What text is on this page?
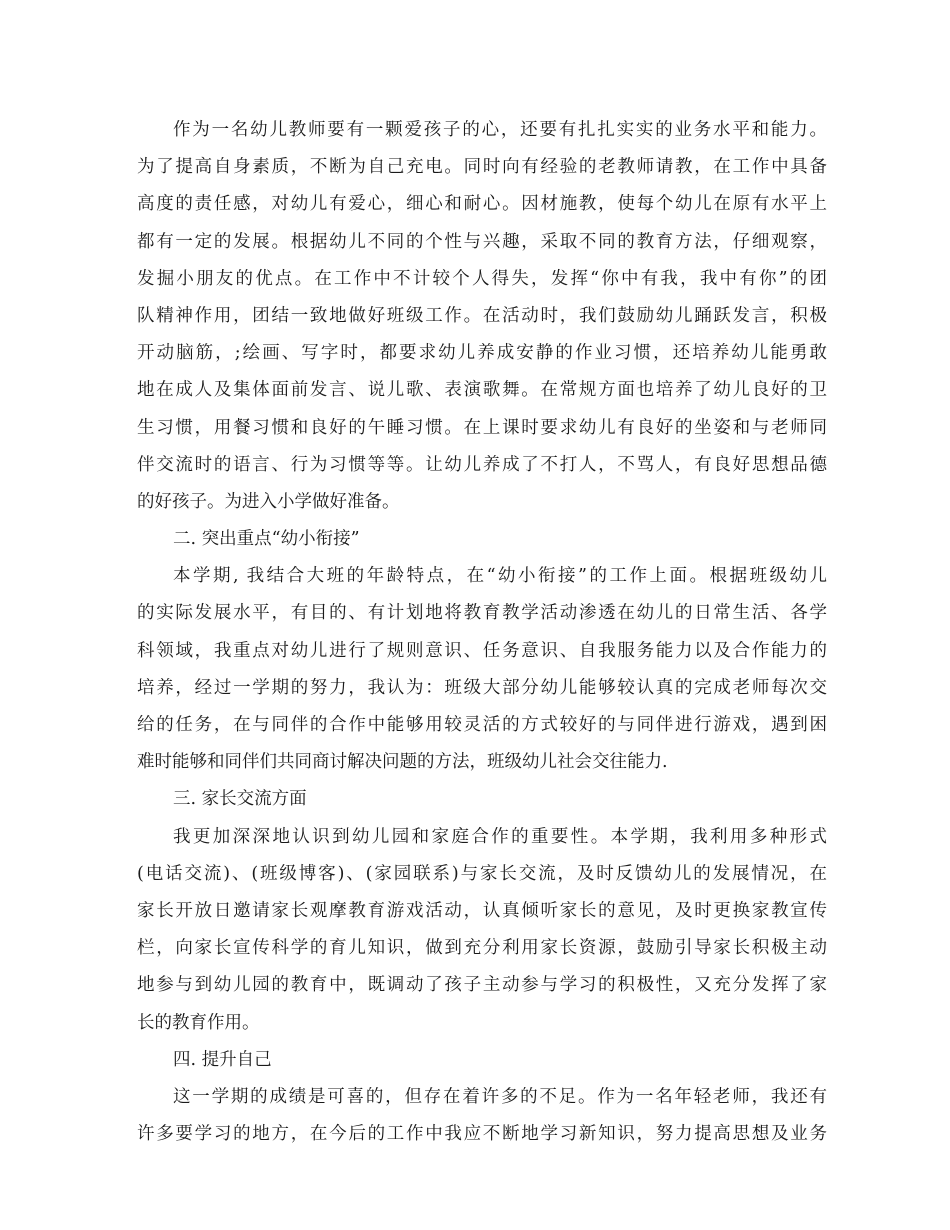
作为一名幼儿教师要有一颗爱孩子的心，还要有扎扎实实的业务水平和能力。
为了提高自身素质，不断为自己充电。同时向有经验的老教师请教，在工作中具备
高度的责任感，对幼儿有爱心，细心和耐心。因材施教，使每个幼儿在原有水平上
都有一定的发展。根据幼儿不同的个性与兴趣，采取不同的教育方法，仔细观察，
发掘小朋友的优点。在工作中不计较个人得失，发挥“你中有我，我中有你”的团
队精神作用，团结一致地做好班级工作。在活动时，我们鼓励幼儿踊跃发言，积极
开动脑筋，;绘画、写字时，都要求幼儿养成安静的作业习惯，还培养幼儿能勇敢
地在成人及集体面前发言、说儿歌、表演歌舞。在常规方面也培养了幼儿良好的卫
生习惯，用餐习惯和良好的午睡习惯。在上课时要求幼儿有良好的坐姿和与老师同
伴交流时的语言、行为习惯等等。让幼儿养成了不打人，不骂人，有良好思想品德
的好孩子。为进入小学做好准备。
二. 突出重点“幼小衔接”
本学期, 我结合大班的年龄特点，在“幼小衔接”的工作上面。根据班级幼儿
的实际发展水平，有目的、有计划地将教育教学活动渗透在幼儿的日常生活、各学
科领域，我重点对幼儿进行了规则意识、任务意识、自我服务能力以及合作能力的
培养，经过一学期的努力，我认为：班级大部分幼儿能够较认真的完成老师每次交
给的任务，在与同伴的合作中能够用较灵活的方式较好的与同伴进行游戏，遇到困
难时能够和同伴们共同商讨解决问题的方法，班级幼儿社会交往能力.
三. 家长交流方面
我更加深深地认识到幼儿园和家庭合作的重要性。本学期，我利用多种形式
(电话交流)、(班级博客)、(家园联系)与家长交流，及时反馈幼儿的发展情况，在
家长开放日邀请家长观摩教育游戏活动，认真倾听家长的意见，及时更换家教宣传
栏，向家长宣传科学的育儿知识，做到充分利用家长资源，鼓励引导家长积极主动
地参与到幼儿园的教育中，既调动了孩子主动参与学习的积极性，又充分发挥了家
长的教育作用。
四. 提升自己
这一学期的成绩是可喜的，但存在着许多的不足。作为一名年轻老师，我还有
许多要学习的地方，在今后的工作中我应不断地学习新知识，努力提高思想及业务
